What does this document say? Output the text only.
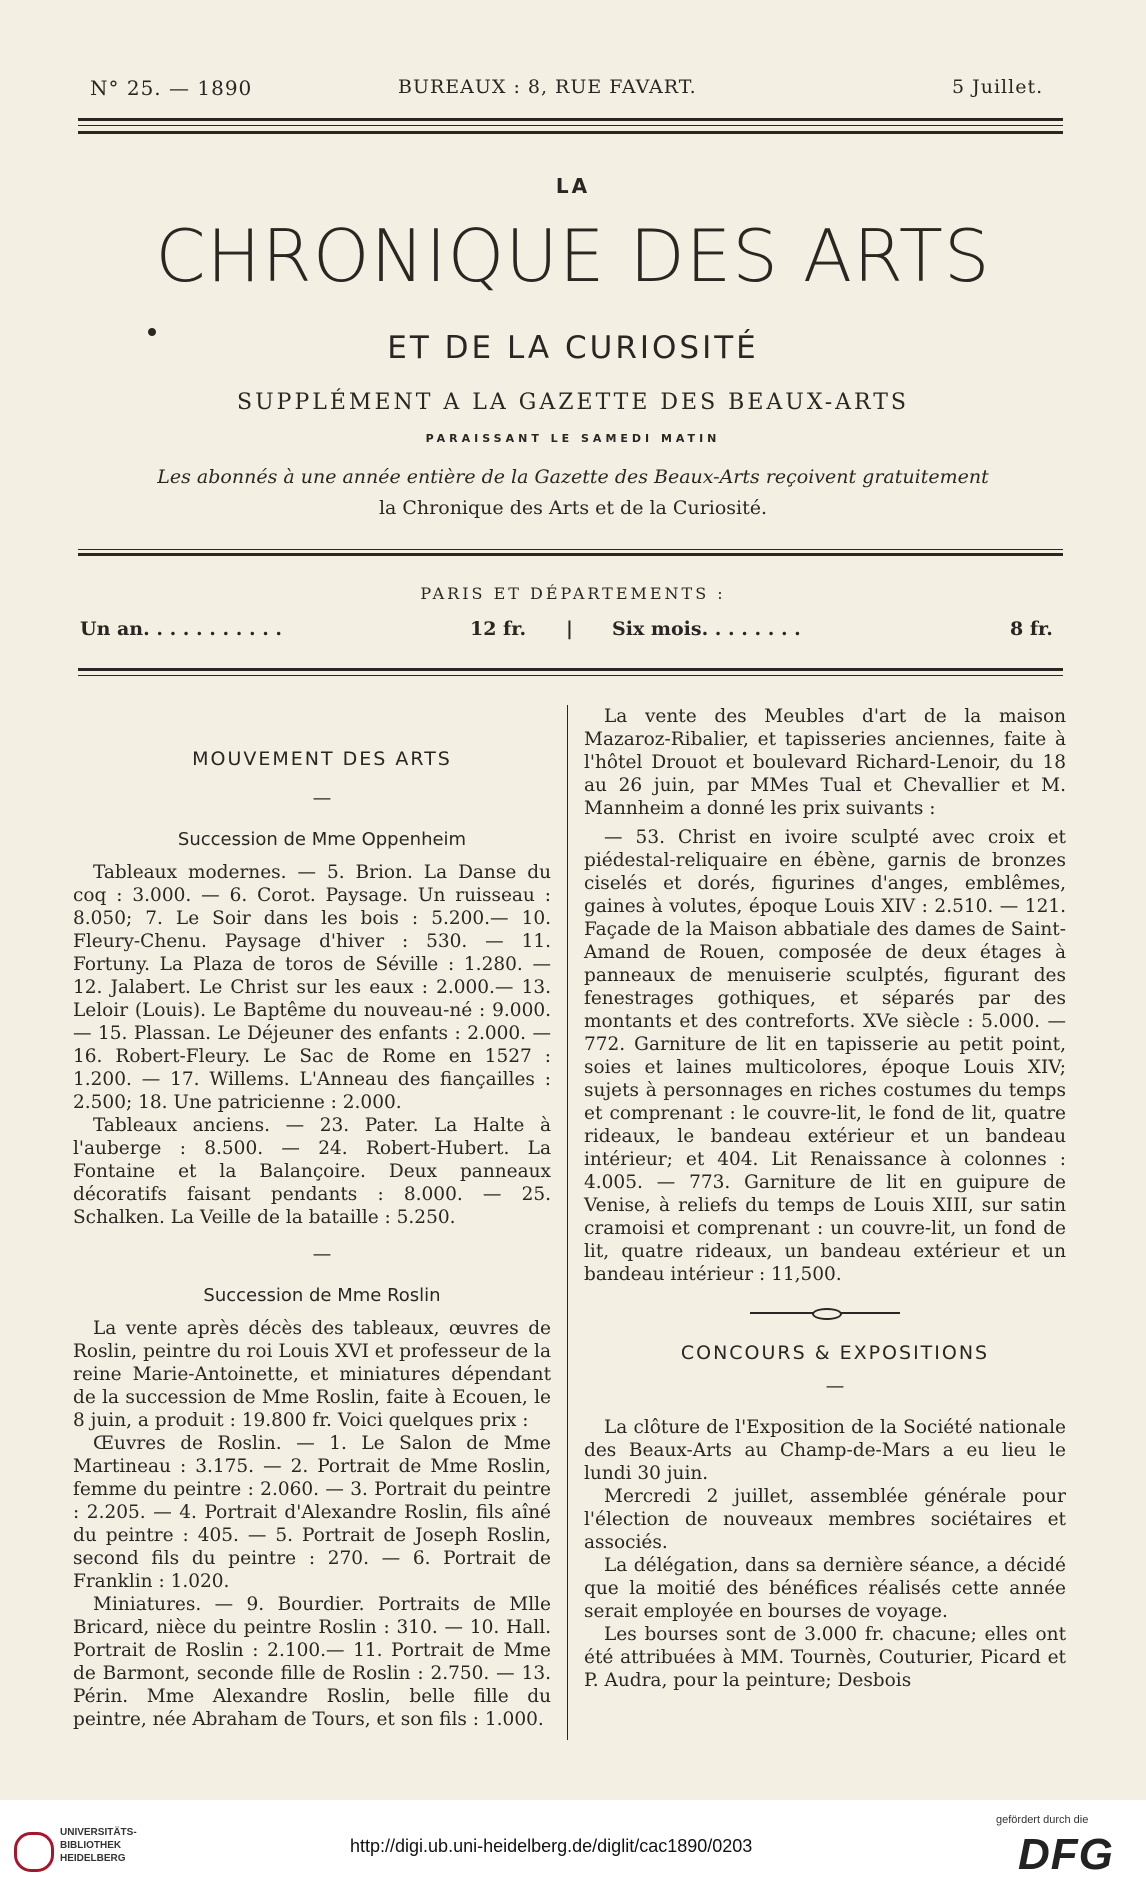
N° 25. — 1890	BUREAUX : 8, RUE FAVART.	5 Juillet.
LA
CHRONIQUE DES ARTS
ET DE LA CURIOSITÉ
SUPPLÉMENT A LA GAZETTE DES BEAUX-ARTS
PARAISSANT LE SAMEDI MATIN
Les abonnés à une année entière de la Gazette des Beaux-Arts reçoivent gratuitement
la Chronique des Arts et de la Curiosité.
PARIS ET DÉPARTEMENTS :
Un an. . . . . . . . . . .	12 fr. | Six mois. . . . . . . .	8 fr.

MOUVEMENT DES ARTS

—

Succession de Mme Oppenheim

Tableaux modernes. — 5. Brion. La Danse du coq : 3.000. — 6. Corot. Paysage. Un ruisseau : 8.050; 7. Le Soir dans les bois : 5.200.— 10. Fleury-Chenu. Paysage d'hiver : 530. — 11. Fortuny. La Plaza de toros de Séville : 1.280. — 12. Jalabert. Le Christ sur les eaux : 2.000.— 13. Leloir (Louis). Le Baptême du nouveau-né : 9.000.— 15. Plassan. Le Déjeuner des enfants : 2.000. — 16. Robert-Fleury. Le Sac de Rome en 1527 : 1.200. — 17. Willems. L'Anneau des fiançailles : 2.500; 18. Une patricienne : 2.000.

Tableaux anciens. — 23. Pater. La Halte à l'auberge : 8.500. — 24. Robert-Hubert. La Fontaine et la Balançoire. Deux panneaux décoratifs faisant pendants : 8.000. — 25. Schalken. La Veille de la bataille : 5.250.

—

Succession de Mme Roslin

La vente après décès des tableaux, œuvres de Roslin, peintre du roi Louis XVI et professeur de la reine Marie-Antoinette, et miniatures dépendant de la succession de Mme Roslin, faite à Ecouen, le 8 juin, a produit : 19.800 fr. Voici quelques prix :

Œuvres de Roslin. — 1. Le Salon de Mme Martineau : 3.175. — 2. Portrait de Mme Roslin, femme du peintre : 2.060. — 3. Portrait du peintre : 2.205. — 4. Portrait d'Alexandre Roslin, fils aîné du peintre : 405. — 5. Portrait de Joseph Roslin, second fils du peintre : 270. — 6. Portrait de Franklin : 1.020.

Miniatures. — 9. Bourdier. Portraits de Mlle Bricard, nièce du peintre Roslin : 310. — 10. Hall. Portrait de Roslin : 2.100.— 11. Portrait de Mme de Barmont, seconde fille de Roslin : 2.750. — 13. Périn. Mme Alexandre Roslin, belle fille du peintre, née Abraham de Tours, et son fils : 1.000.

La vente des Meubles d'art de la maison Mazaroz-Ribalier, et tapisseries anciennes, faite à l'hôtel Drouot et boulevard Richard-Lenoir, du 18 au 26 juin, par MMes Tual et Chevallier et M. Mannheim a donné les prix suivants :

— 53. Christ en ivoire sculpté avec croix et piédestal-reliquaire en ébène, garnis de bronzes ciselés et dorés, figurines d'anges, emblêmes, gaines à volutes, époque Louis XIV : 2.510. — 121. Façade de la Maison abbatiale des dames de Saint-Amand de Rouen, composée de deux étages à panneaux de menuiserie sculptés, figurant des fenestrages gothiques, et séparés par des montants et des contreforts. XVe siècle : 5.000. — 772. Garniture de lit en tapisserie au petit point, soies et laines multicolores, époque Louis XIV; sujets à personnages en riches costumes du temps et comprenant : le couvre-lit, le fond de lit, quatre rideaux, le bandeau extérieur et un bandeau intérieur; et 404. Lit Renaissance à colonnes : 4.005. — 773. Garniture de lit en guipure de Venise, à reliefs du temps de Louis XIII, sur satin cramoisi et comprenant : un couvre-lit, un fond de lit, quatre rideaux, un bandeau extérieur et un bandeau intérieur : 11,500.

CONCOURS & EXPOSITIONS

—

La clôture de l'Exposition de la Société nationale des Beaux-Arts au Champ-de-Mars a eu lieu le lundi 30 juin.

Mercredi 2 juillet, assemblée générale pour l'élection de nouveaux membres sociétaires et associés.

La délégation, dans sa dernière séance, a décidé que la moitié des bénéfices réalisés cette année serait employée en bourses de voyage.

Les bourses sont de 3.000 fr. chacune; elles ont été attribuées à MM. Tournès, Couturier, Picard et P. Audra, pour la peinture; Desbois

UNIVERSITÄTS-
BIBLIOTHEK
HEIDELBERG
http://digi.ub.uni-heidelberg.de/diglit/cac1890/0203
gefördert durch die
DFG
